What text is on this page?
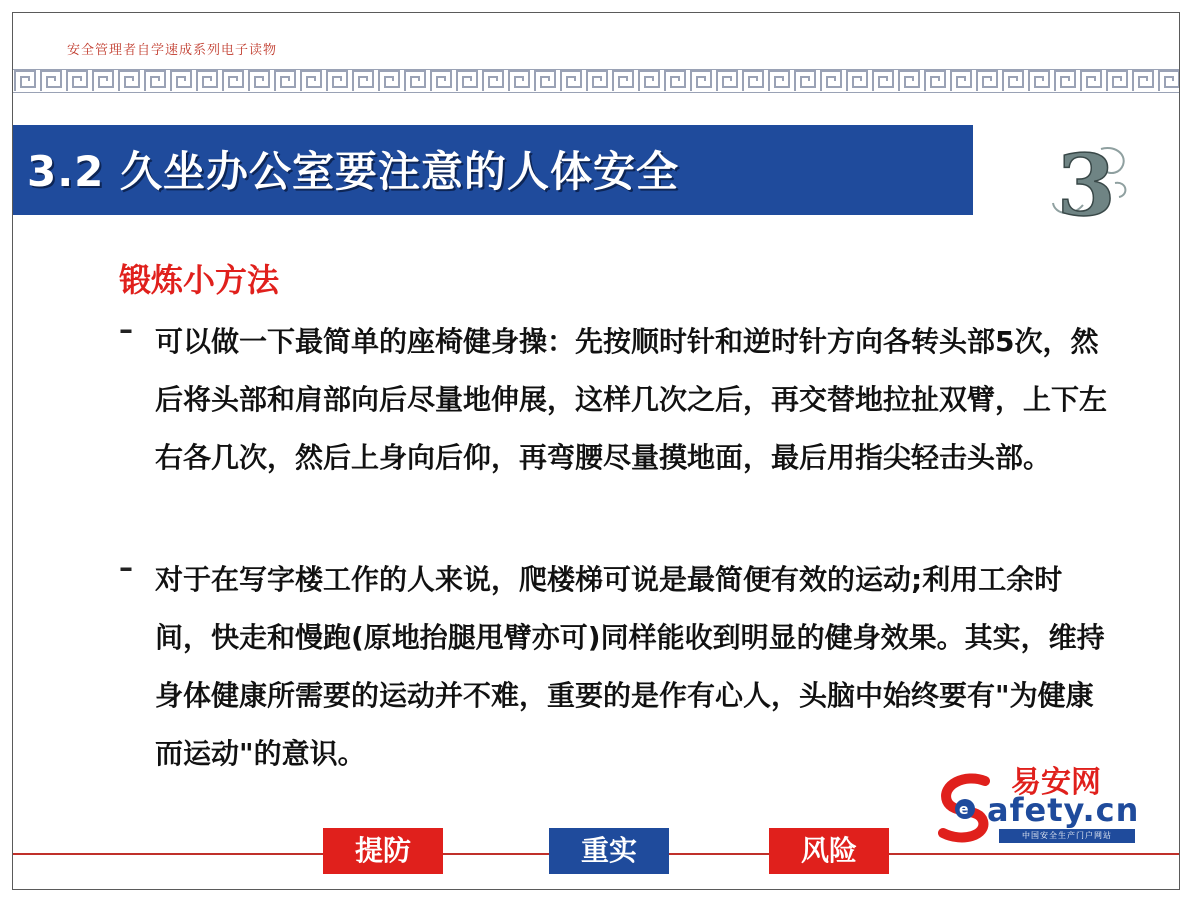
安全管理者自学速成系列电子读物
3.2 久坐办公室要注意的人体安全	3
锻炼小方法
– 可以做一下最简单的座椅健身操：先按顺时针和逆时针方向各转头部5次，然后将头部和肩部向后尽量地伸展，这样几次之后，再交替地拉扯双臂，上下左右各几次，然后上身向后仰，再弯腰尽量摸地面，最后用指尖轻击头部。
– 对于在写字楼工作的人来说，爬楼梯可说是最简便有效的运动;利用工余时间，快走和慢跑(原地抬腿甩臂亦可)同样能收到明显的健身效果。其实，维持身体健康所需要的运动并不难，重要的是作有心人，头脑中始终要有"为健康而运动"的意识。
e
易安网
afety.cn
中国安全生产门户网站
提防	重实	风险
